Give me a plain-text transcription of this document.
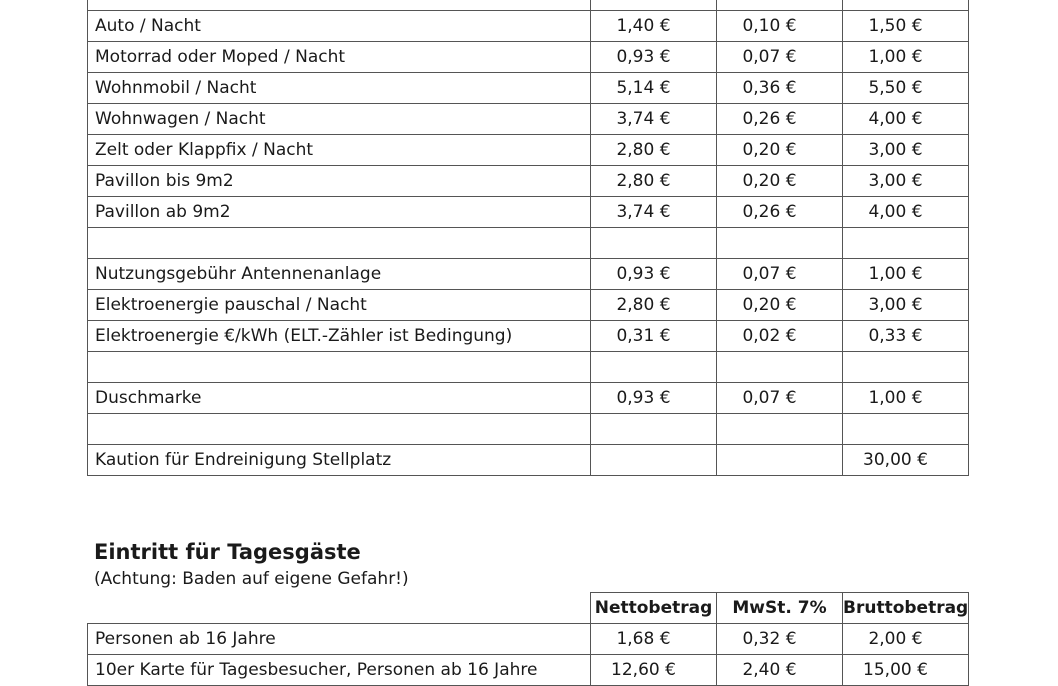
Auto / Nacht	1,40 €	0,10 €	1,50 €
Motorrad oder Moped / Nacht	0,93 €	0,07 €	1,00 €
Wohnmobil / Nacht	5,14 €	0,36 €	5,50 €
Wohnwagen / Nacht	3,74 €	0,26 €	4,00 €
Zelt oder Klappfix / Nacht	2,80 €	0,20 €	3,00 €
Pavillon bis 9m2	2,80 €	0,20 €	3,00 €
Pavillon ab 9m2	3,74 €	0,26 €	4,00 €

Nutzungsgebühr Antennenanlage	0,93 €	0,07 €	1,00 €
Elektroenergie pauschal / Nacht	2,80 €	0,20 €	3,00 €
Elektroenergie €/kWh (ELT.-Zähler ist Bedingung)	0,31 €	0,02 €	0,33 €

Duschmarke	0,93 €	0,07 €	1,00 €

Kaution für Endreinigung Stellplatz			30,00 €
Eintritt für Tagesgäste

(Achtung: Baden auf eigene Gefahr!)

	Nettobetrag	MwSt. 7%	Bruttobetrag
Personen ab 16 Jahre	1,68 €	0,32 €	2,00 €
10er Karte für Tagesbesucher, Personen ab 16 Jahre	12,60 €	2,40 €	15,00 €
